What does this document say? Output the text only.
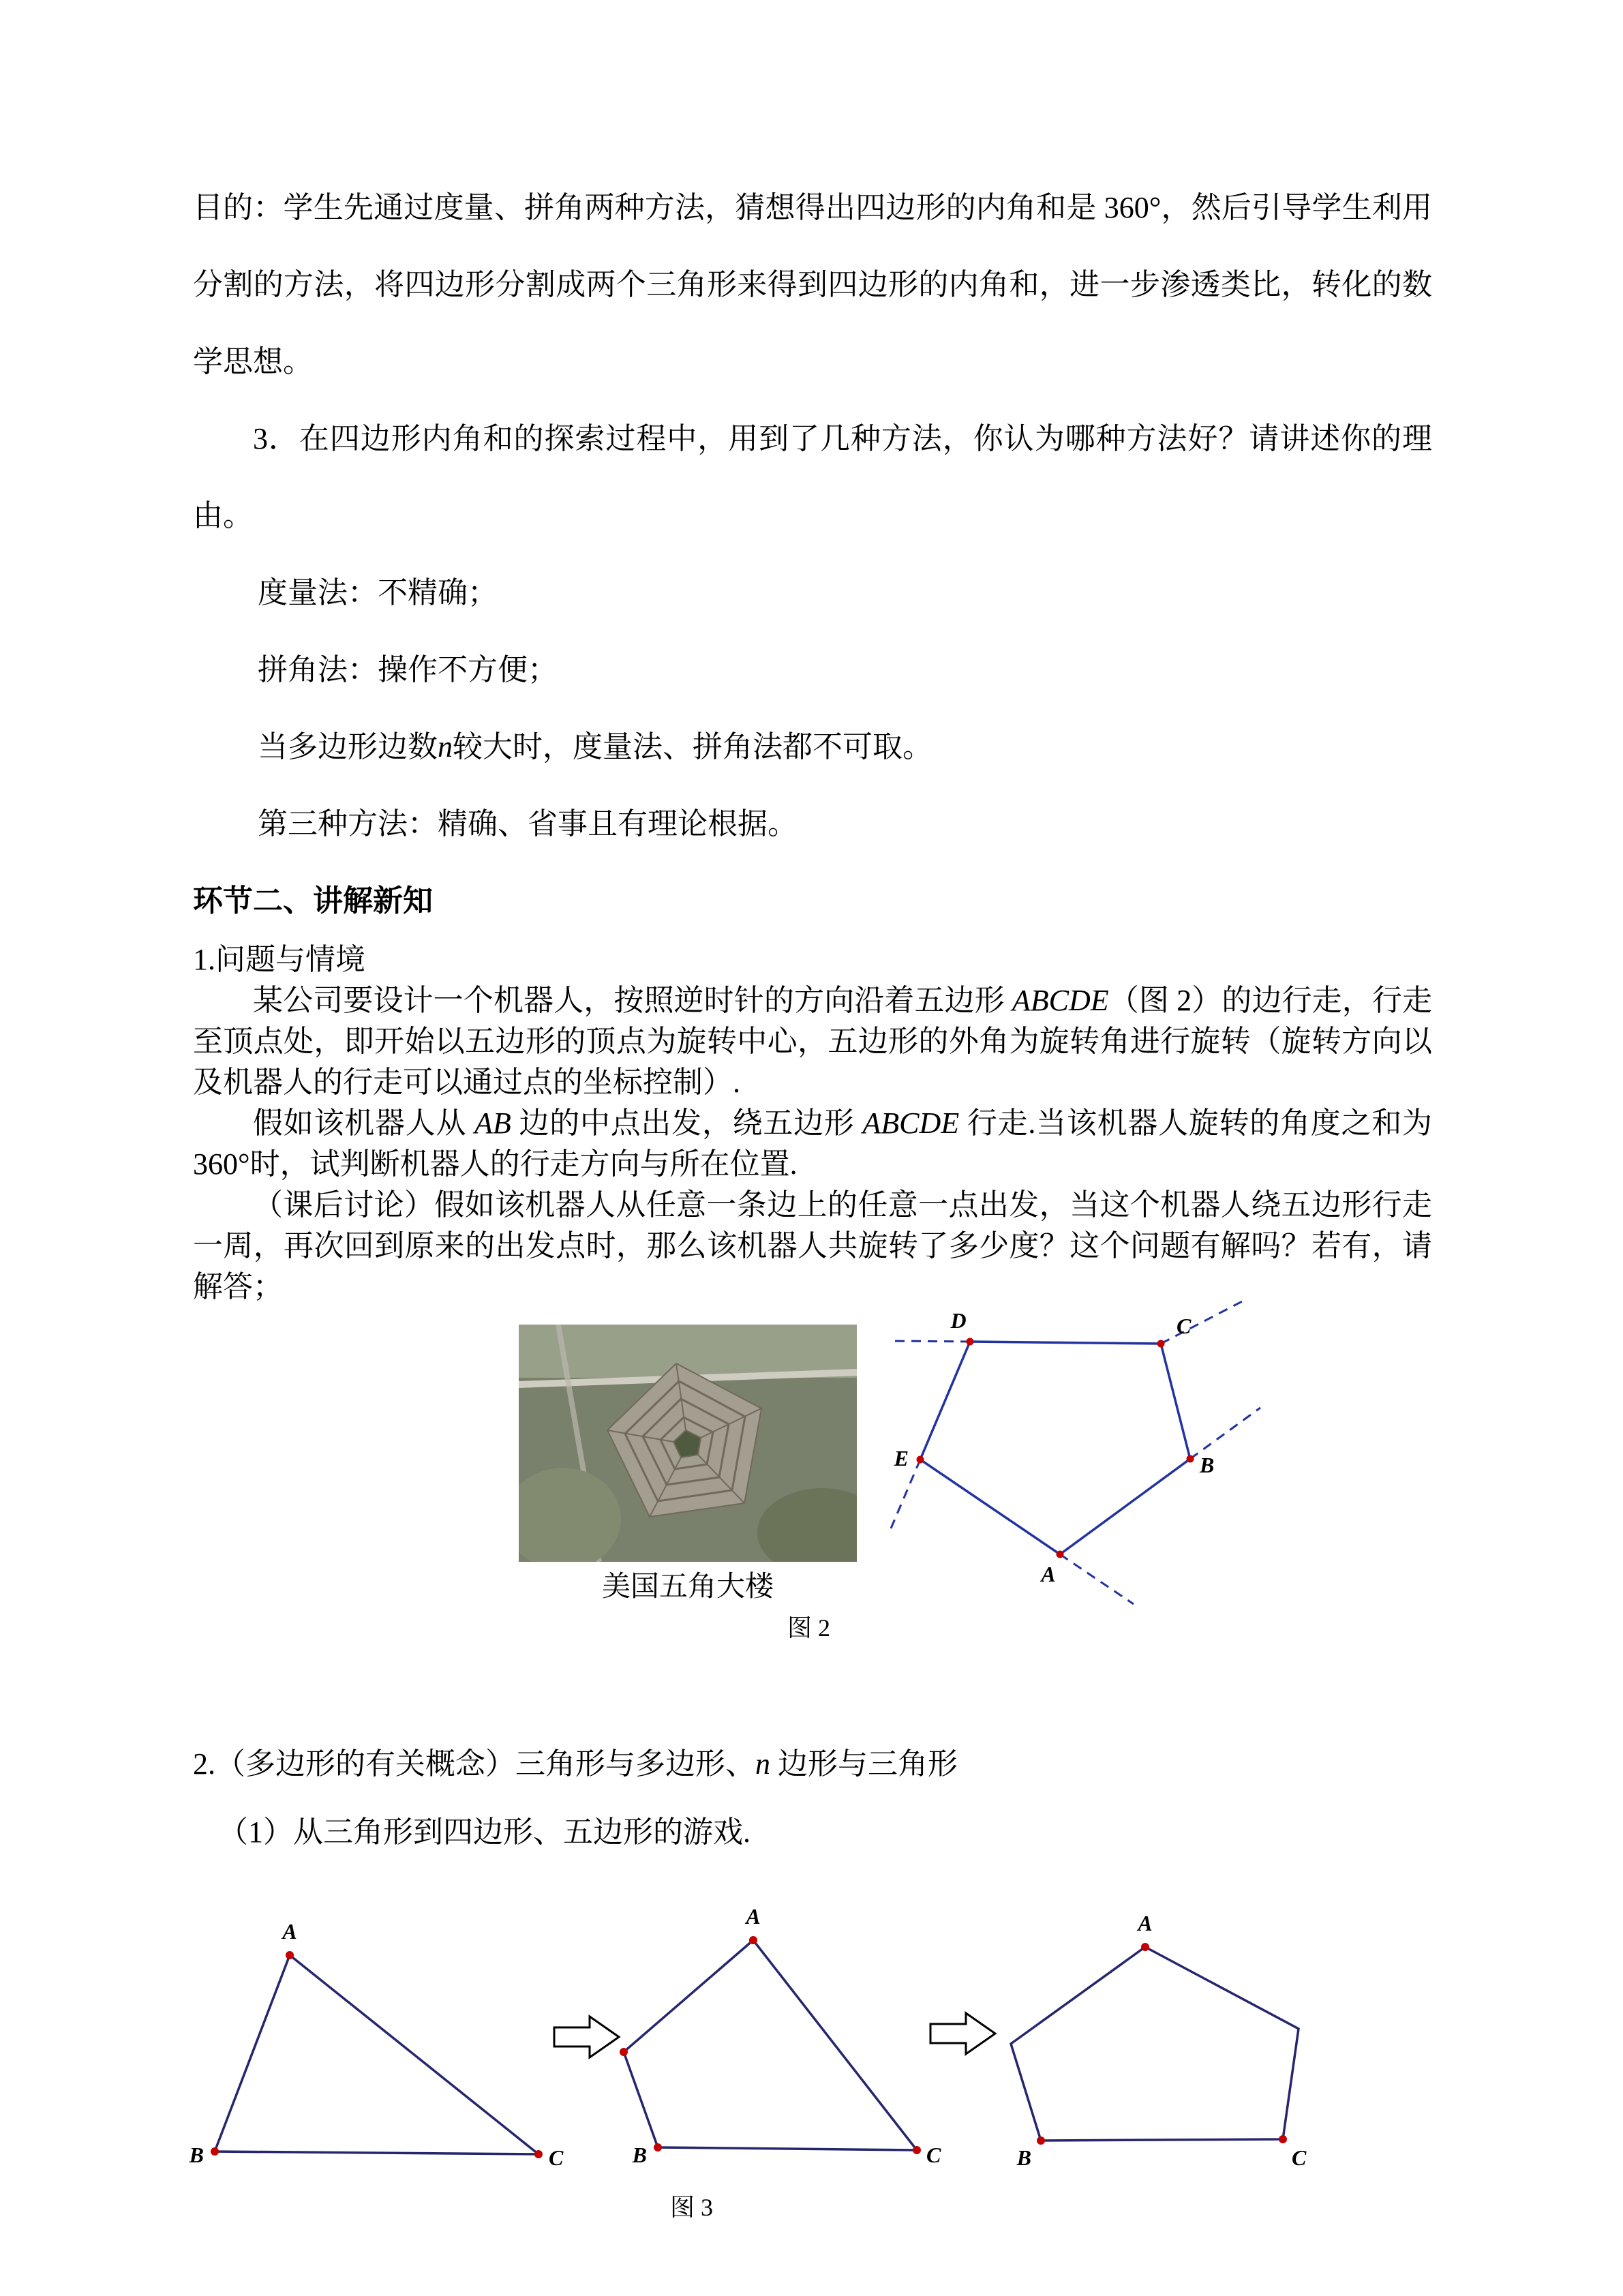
目的：学生先通过度量、拼角两种方法，猜想得出四边形的内角和是 360°，然后引导学生利用分割的方法，将四边形分割成两个三角形来得到四边形的内角和，进一步渗透类比，转化的数学思想。

3．在四边形内角和的探索过程中，用到了几种方法，你认为哪种方法好？请讲述你的理由。

度量法：不精确；

拼角法：操作不方便；

当多边形边数n较大时，度量法、拼角法都不可取。

第三种方法：精确、省事且有理论根据。

环节二、讲解新知

1.问题与情境

某公司要设计一个机器人，按照逆时针的方向沿着五边形 ABCDE（图 2）的边行走，行走至顶点处，即开始以五边形的顶点为旋转中心，五边形的外角为旋转角进行旋转（旋转方向以及机器人的行走可以通过点的坐标控制）.

假如该机器人从 AB 边的中点出发，绕五边形 ABCDE 行走.当该机器人旋转的角度之和为 360°时，试判断机器人的行走方向与所在位置.

（课后讨论）假如该机器人从任意一条边上的任意一点出发，当这个机器人绕五边形行走一周，再次回到原来的出发点时，那么该机器人共旋转了多少度？这个问题有解吗？若有，请解答；

美国五角大楼
图 2
D	C
B
A
E

2.（多边形的有关概念）三角形与多边形、n 边形与三角形

（1）从三角形到四边形、五边形的游戏.

A
B	C
A
B	C
A
B	C

图 3
